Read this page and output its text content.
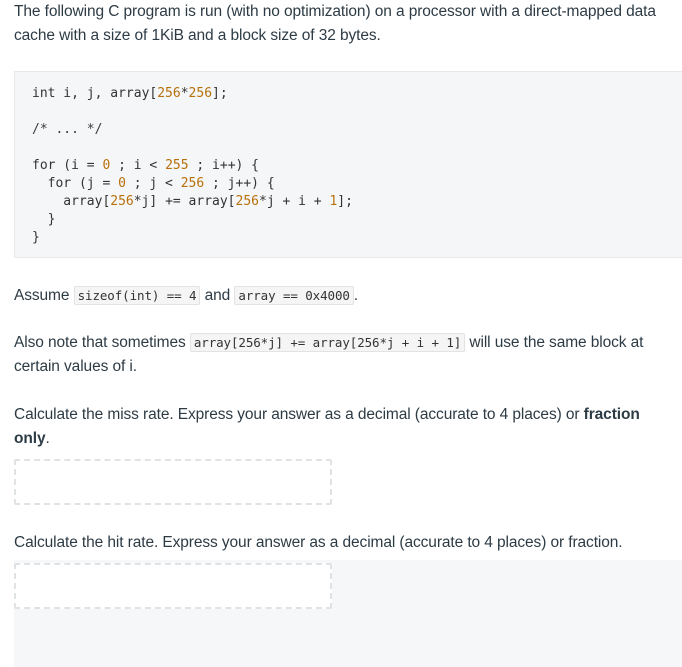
The following C program is run (with no optimization) on a processor with a direct-mapped data cache with a size of 1KiB and a block size of 32 bytes.

int i, j, array[256*256];

/* ... */

for (i = 0 ; i < 255 ; i++) {
for (j = 0 ; j < 256 ; j++) {
array[256*j] += array[256*j + i + 1];
}
}

Assume sizeof(int) == 4 and array == 0x4000 .

Also note that sometimes array[256*j] += array[256*j + i + 1] will use the same block at certain values of i.

Calculate the miss rate. Express your answer as a decimal (accurate to 4 places) or fraction only.

Calculate the hit rate. Express your answer as a decimal (accurate to 4 places) or fraction.
